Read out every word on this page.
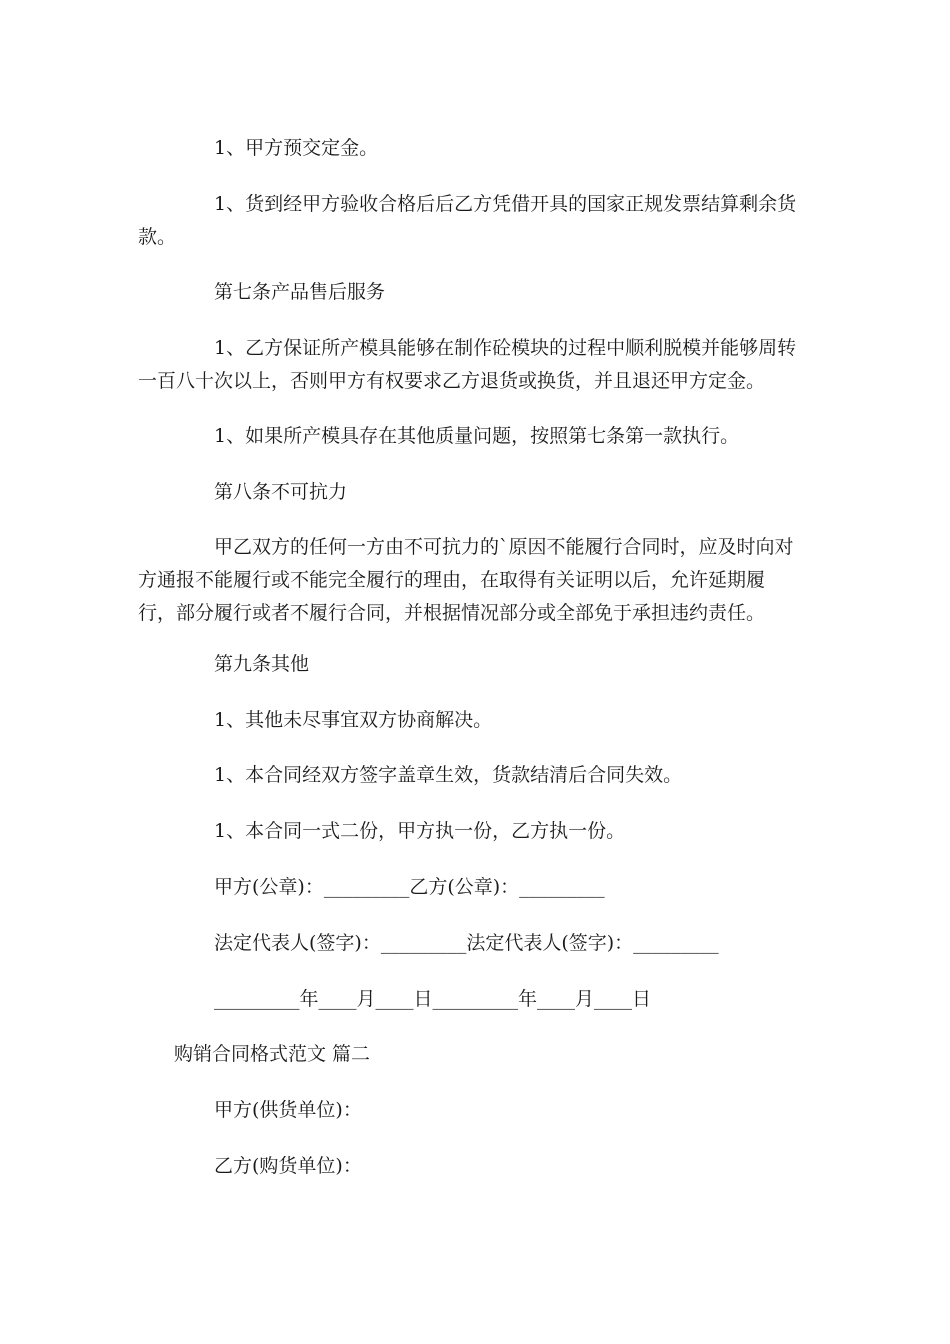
1、甲方预交定金。

1、货到经甲方验收合格后后乙方凭借开具的国家正规发票结算剩余货款。

第七条产品售后服务

1、乙方保证所产模具能够在制作砼模块的过程中顺利脱模并能够周转一百八十次以上，否则甲方有权要求乙方退货或换货，并且退还甲方定金。

1、如果所产模具存在其他质量问题，按照第七条第一款执行。

第八条不可抗力

甲乙双方的任何一方由不可抗力的`原因不能履行合同时，应及时向对方通报不能履行或不能完全履行的理由，在取得有关证明以后，允许延期履行，部分履行或者不履行合同，并根据情况部分或全部免于承担违约责任。

第九条其他

1、其他未尽事宜双方协商解决。

1、本合同经双方签字盖章生效，货款结清后合同失效。

1、本合同一式二份，甲方执一份，乙方执一份。

甲方(公章)：_________乙方(公章)：_________

法定代表人(签字)：_________法定代表人(签字)：_________

_________年____月____日_________年____月____日

购销合同格式范文 篇二

甲方(供货单位)：

乙方(购货单位)：
